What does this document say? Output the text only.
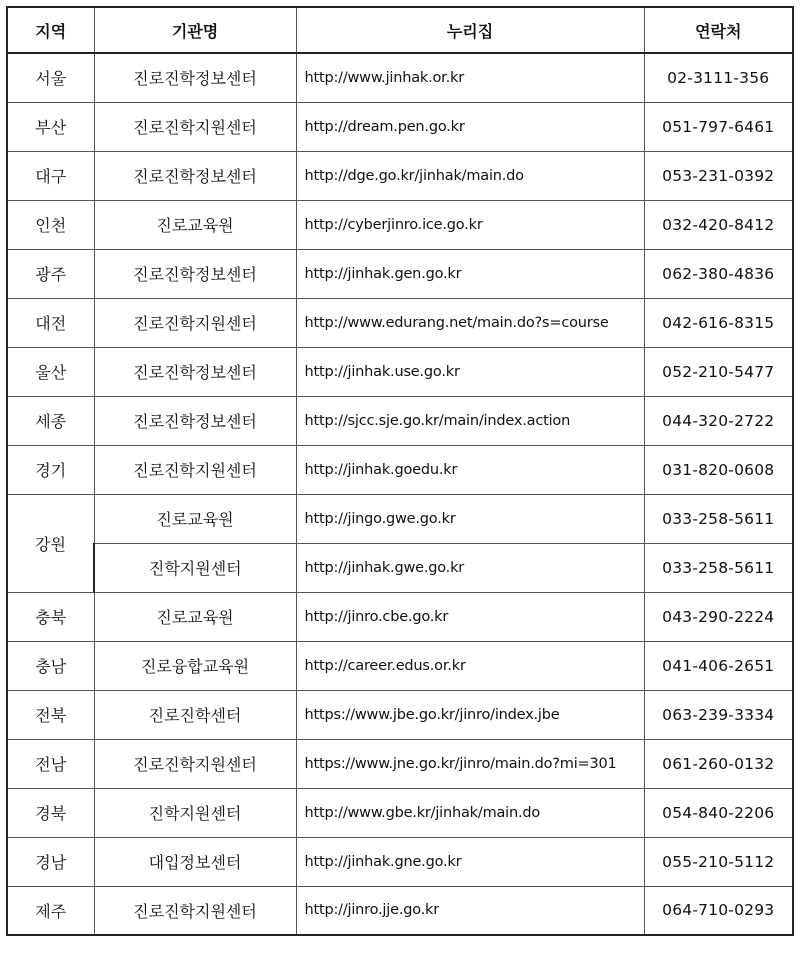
지역	기관명	누리집	연락처
서울	진로진학정보센터	http://www.jinhak.or.kr	02-3111-356
부산	진로진학지원센터	http://dream.pen.go.kr	051-797-6461
대구	진로진학정보센터	http://dge.go.kr/jinhak/main.do	053-231-0392
인천	진로교육원	http://cyberjinro.ice.go.kr	032-420-8412
광주	진로진학정보센터	http://jinhak.gen.go.kr	062-380-4836
대전	진로진학지원센터	http://www.edurang.net/main.do?s=course	042-616-8315
울산	진로진학정보센터	http://jinhak.use.go.kr	052-210-5477
세종	진로진학정보센터	http://sjcc.sje.go.kr/main/index.action	044-320-2722
경기	진로진학지원센터	http://jinhak.goedu.kr	031-820-0608
강원	진로교육원	http://jingo.gwe.go.kr	033-258-5611
	진학지원센터	http://jinhak.gwe.go.kr	033-258-5611
충북	진로교육원	http://jinro.cbe.go.kr	043-290-2224
충남	진로융합교육원	http://career.edus.or.kr	041-406-2651
전북	진로진학센터	https://www.jbe.go.kr/jinro/index.jbe	063-239-3334
전남	진로진학지원센터	https://www.jne.go.kr/jinro/main.do?mi=301	061-260-0132
경북	진학지원센터	http://www.gbe.kr/jinhak/main.do	054-840-2206
경남	대입정보센터	http://jinhak.gne.go.kr	055-210-5112
제주	진로진학지원센터	http://jinro.jje.go.kr	064-710-0293
